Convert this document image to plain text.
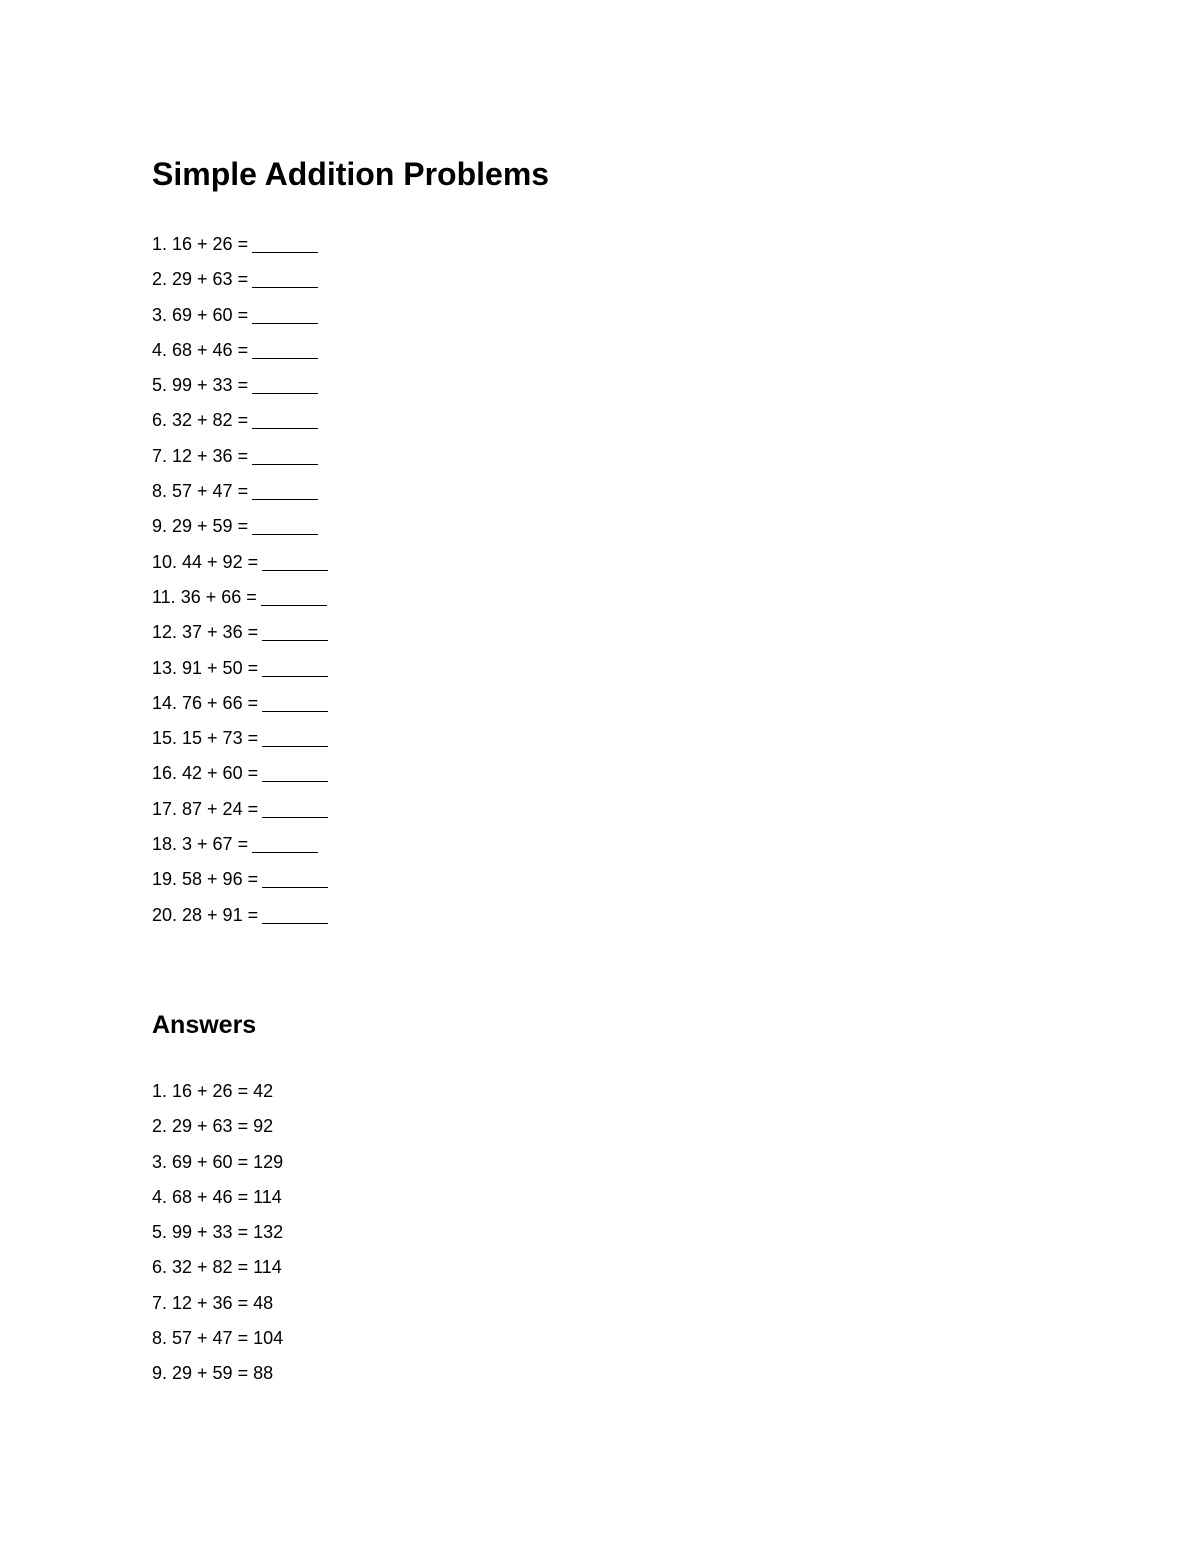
Simple Addition Problems
1. 16 + 26 =
2. 29 + 63 =
3. 69 + 60 =
4. 68 + 46 =
5. 99 + 33 =
6. 32 + 82 =
7. 12 + 36 =
8. 57 + 47 =
9. 29 + 59 =
10. 44 + 92 =
11. 36 + 66 =
12. 37 + 36 =
13. 91 + 50 =
14. 76 + 66 =
15. 15 + 73 =
16. 42 + 60 =
17. 87 + 24 =
18. 3 + 67 =
19. 58 + 96 =
20. 28 + 91 =
Answers
1. 16 + 26 = 42
2. 29 + 63 = 92
3. 69 + 60 = 129
4. 68 + 46 = 114
5. 99 + 33 = 132
6. 32 + 82 = 114
7. 12 + 36 = 48
8. 57 + 47 = 104
9. 29 + 59 = 88
